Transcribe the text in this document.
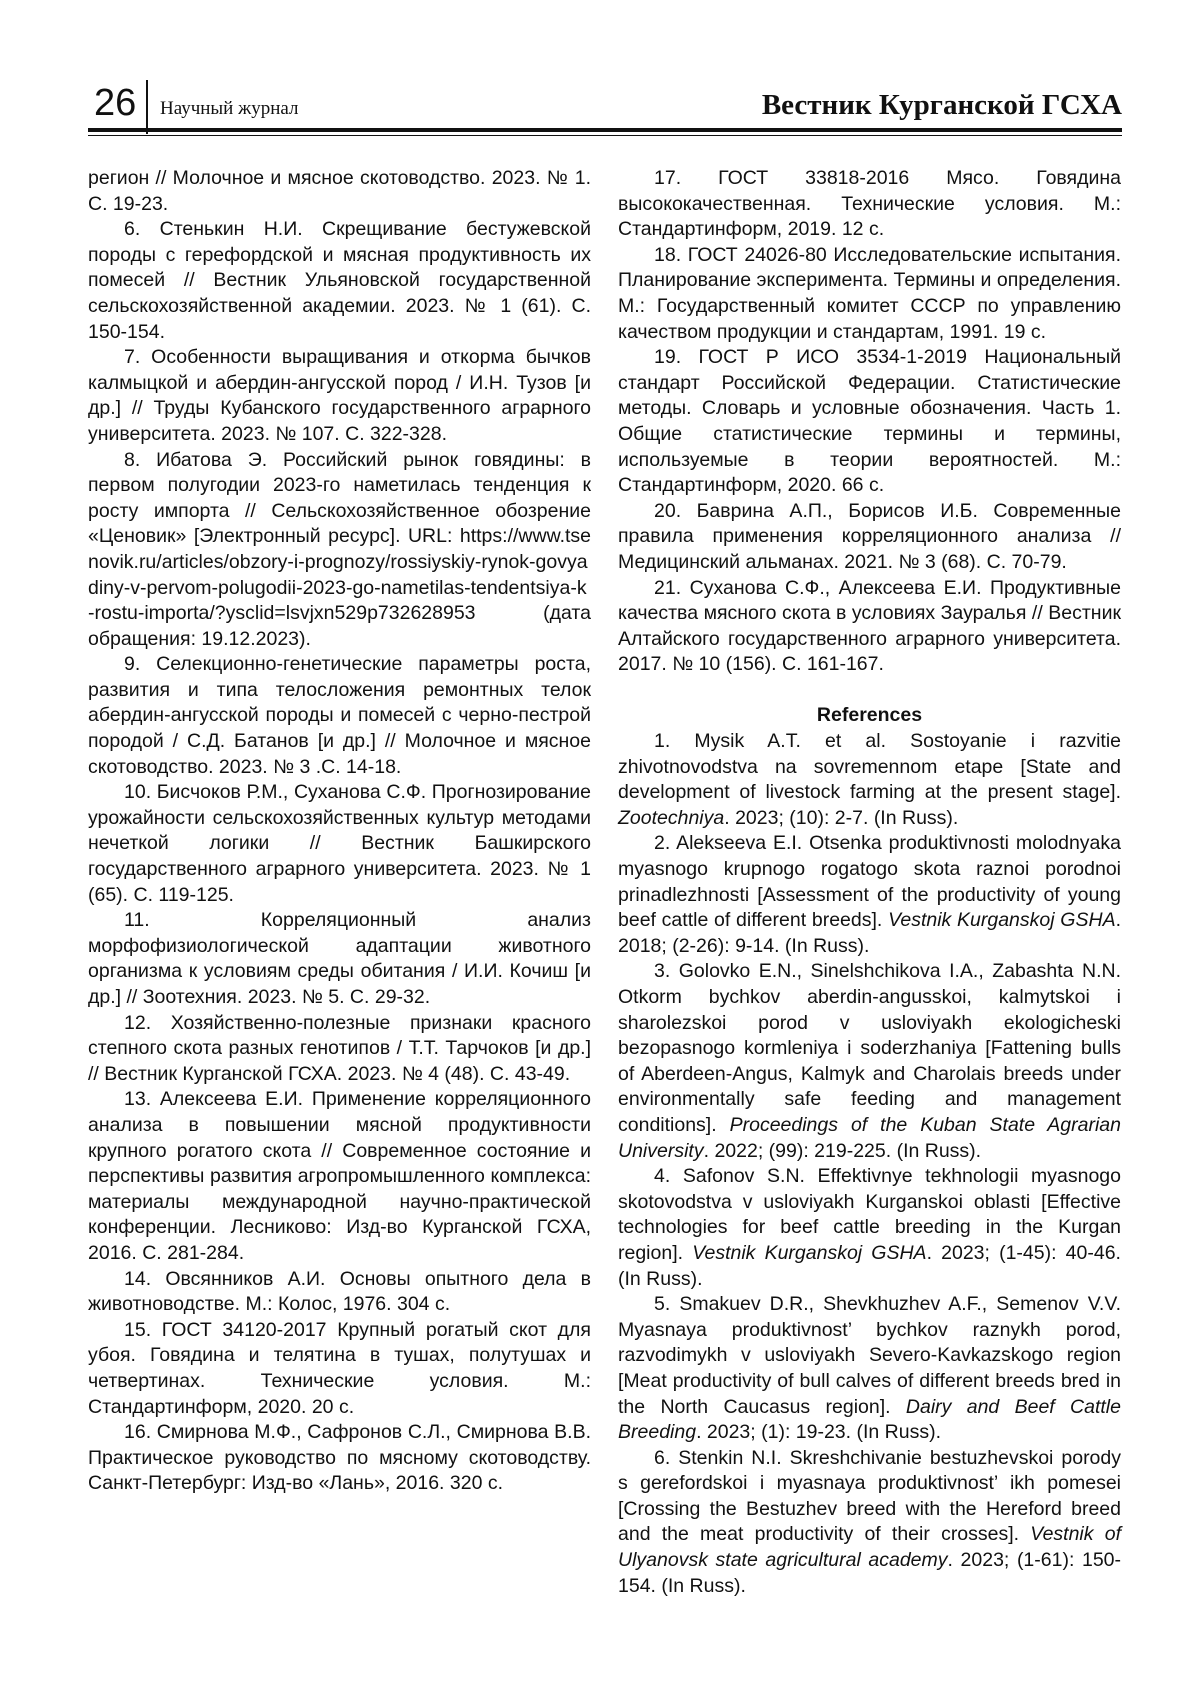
26 Научный журнал	Вестник Курганской ГСХА

регион // Молочное и мясное скотоводство. 2023. № 1. С. 19-23.

6. Стенькин Н.И. Скрещивание бестужевской породы с герефордской и мясная продуктивность их помесей // Вестник Ульяновской государственной сельскохозяйственной академии. 2023. № 1 (61). С. 150-154.

7. Особенности выращивания и откорма бычков калмыцкой и абердин-ангусской пород / И.Н. Тузов [и др.] // Труды Кубанского государственного аграрного университета. 2023. № 107. С. 322-328.

8. Ибатова Э. Российский рынок говядины: в первом полугодии 2023-го наметилась тенденция к росту импорта // Сельскохозяйственное обозрение «Ценовик» [Электронный ресурс]. URL: https://www.tsenovik.ru/articles/obzory-i-prognozy/rossiyskiy-rynok-govyadiny-v-pervom-polugodii-2023-go-nametilas-tendentsiya-k-rostu-importa/?ysclid=lsvjxn529p732628953	(дата обращения: 19.12.2023).

9. Селекционно-генетические параметры роста, развития и типа телосложения ремонтных телок абердин-ангусской породы и помесей с черно-пестрой породой / С.Д. Батанов [и др.] // Молочное и мясное скотоводство. 2023. № 3 .С. 14-18.

10. Бисчоков Р.М., Суханова С.Ф. Прогнозирование урожайности сельскохозяйственных культур методами нечеткой логики // Вестник Башкирского государственного аграрного университета. 2023. № 1 (65). С. 119-125.

11. Корреляционный анализ морфофизиологической адаптации животного организма к условиям среды обитания / И.И. Кочиш [и др.] // Зоотехния. 2023. № 5. С. 29-32.

12. Хозяйственно-полезные признаки красного степного скота разных генотипов / Т.Т. Тарчоков [и др.] // Вестник Курганской ГСХА. 2023. № 4 (48). С. 43-49.

13. Алексеева Е.И. Применение корреляционного анализа в повышении мясной продуктивности крупного рогатого скота // Современное состояние и перспективы развития агропромышленного комплекса: материалы международной научно-практической конференции. Лесниково: Изд-во Курганской ГСХА, 2016. С. 281-284.

14. Овсянников А.И. Основы опытного дела в животноводстве. М.: Колос, 1976. 304 с.

15. ГОСТ 34120-2017 Крупный рогатый скот для убоя. Говядина и телятина в тушах, полутушах и четвертинах. Технические условия. М.: Стандартинформ, 2020. 20 с.

16. Смирнова М.Ф., Сафронов С.Л., Смирнова В.В. Практическое руководство по мясному скотоводству. Санкт-Петербург: Изд-во «Лань», 2016. 320 с.

17. ГОСТ 33818-2016 Мясо. Говядина высококачественная. Технические условия. М.: Стандартинформ, 2019. 12 с.

18. ГОСТ 24026-80 Исследовательские испытания. Планирование эксперимента. Термины и определения. М.: Государственный комитет СССР по управлению качеством продукции и стандартам, 1991. 19 с.

19. ГОСТ Р ИСО 3534-1-2019 Национальный стандарт Российской Федерации. Статистические методы. Словарь и условные обозначения. Часть 1. Общие статистические термины и термины, используемые в теории вероятностей. М.: Стандартинформ, 2020. 66 с.

20. Баврина А.П., Борисов И.Б. Современные правила применения корреляционного анализа // Медицинский альманах. 2021. № 3 (68). С. 70-79.

21. Суханова С.Ф., Алексеева Е.И. Продуктивные качества мясного скота в условиях Зауралья // Вестник Алтайского государственного аграрного университета. 2017. № 10 (156). С. 161-167.

References

1. Mysik A.T. et al. Sostoyanie i razvitie zhivotnovodstva na sovremennom etape [State and development of livestock farming at the present stage]. Zootechniya. 2023; (10): 2-7. (In Russ).

2. Alekseeva E.I. Otsenka produktivnosti molodnyaka myasnogo krupnogo rogatogo skota raznoi porodnoi prinadlezhnosti [Assessment of the productivity of young beef cattle of different breeds]. Vestnik Kurganskoj GSHA. 2018; (2-26): 9-14. (In Russ).

3. Golovko E.N., Sinelshchikova I.A., Zabashta N.N. Otkorm bychkov aberdin-angusskoi, kalmytskoi i sharolezskoi porod v usloviyakh ekologicheski bezopasnogo kormleniya i soderzhaniya [Fattening bulls of Aberdeen-Angus, Kalmyk and Charolais breeds under environmentally safe feeding and management conditions]. Proceedings of the Kuban State Agrarian University. 2022; (99): 219-225. (In Russ).

4. Safonov S.N. Effektivnye tekhnologii myasnogo skotovodstva v usloviyakh Kurganskoi oblasti [Effective technologies for beef cattle breeding in the Kurgan region]. Vestnik Kurganskoj GSHA. 2023; (1-45): 40-46. (In Russ).

5. Smakuev D.R., Shevkhuzhev A.F., Semenov V.V. Myasnaya produktivnost’ bychkov raznykh porod, razvodimykh v usloviyakh Severo-Kavkazskogo region [Meat productivity of bull calves of different breeds bred in the North Caucasus region]. Dairy and Beef Cattle Breeding. 2023; (1): 19-23. (In Russ).

6. Stenkin N.I. Skreshchivanie bestuzhevskoi porody s gerefordskoi i myasnaya produktivnost’ ikh pomesei [Crossing the Bestuzhev breed with the Hereford breed and the meat productivity of their crosses]. Vestnik of Ulyanovsk state agricultural academy. 2023; (1-61): 150-154. (In Russ).
